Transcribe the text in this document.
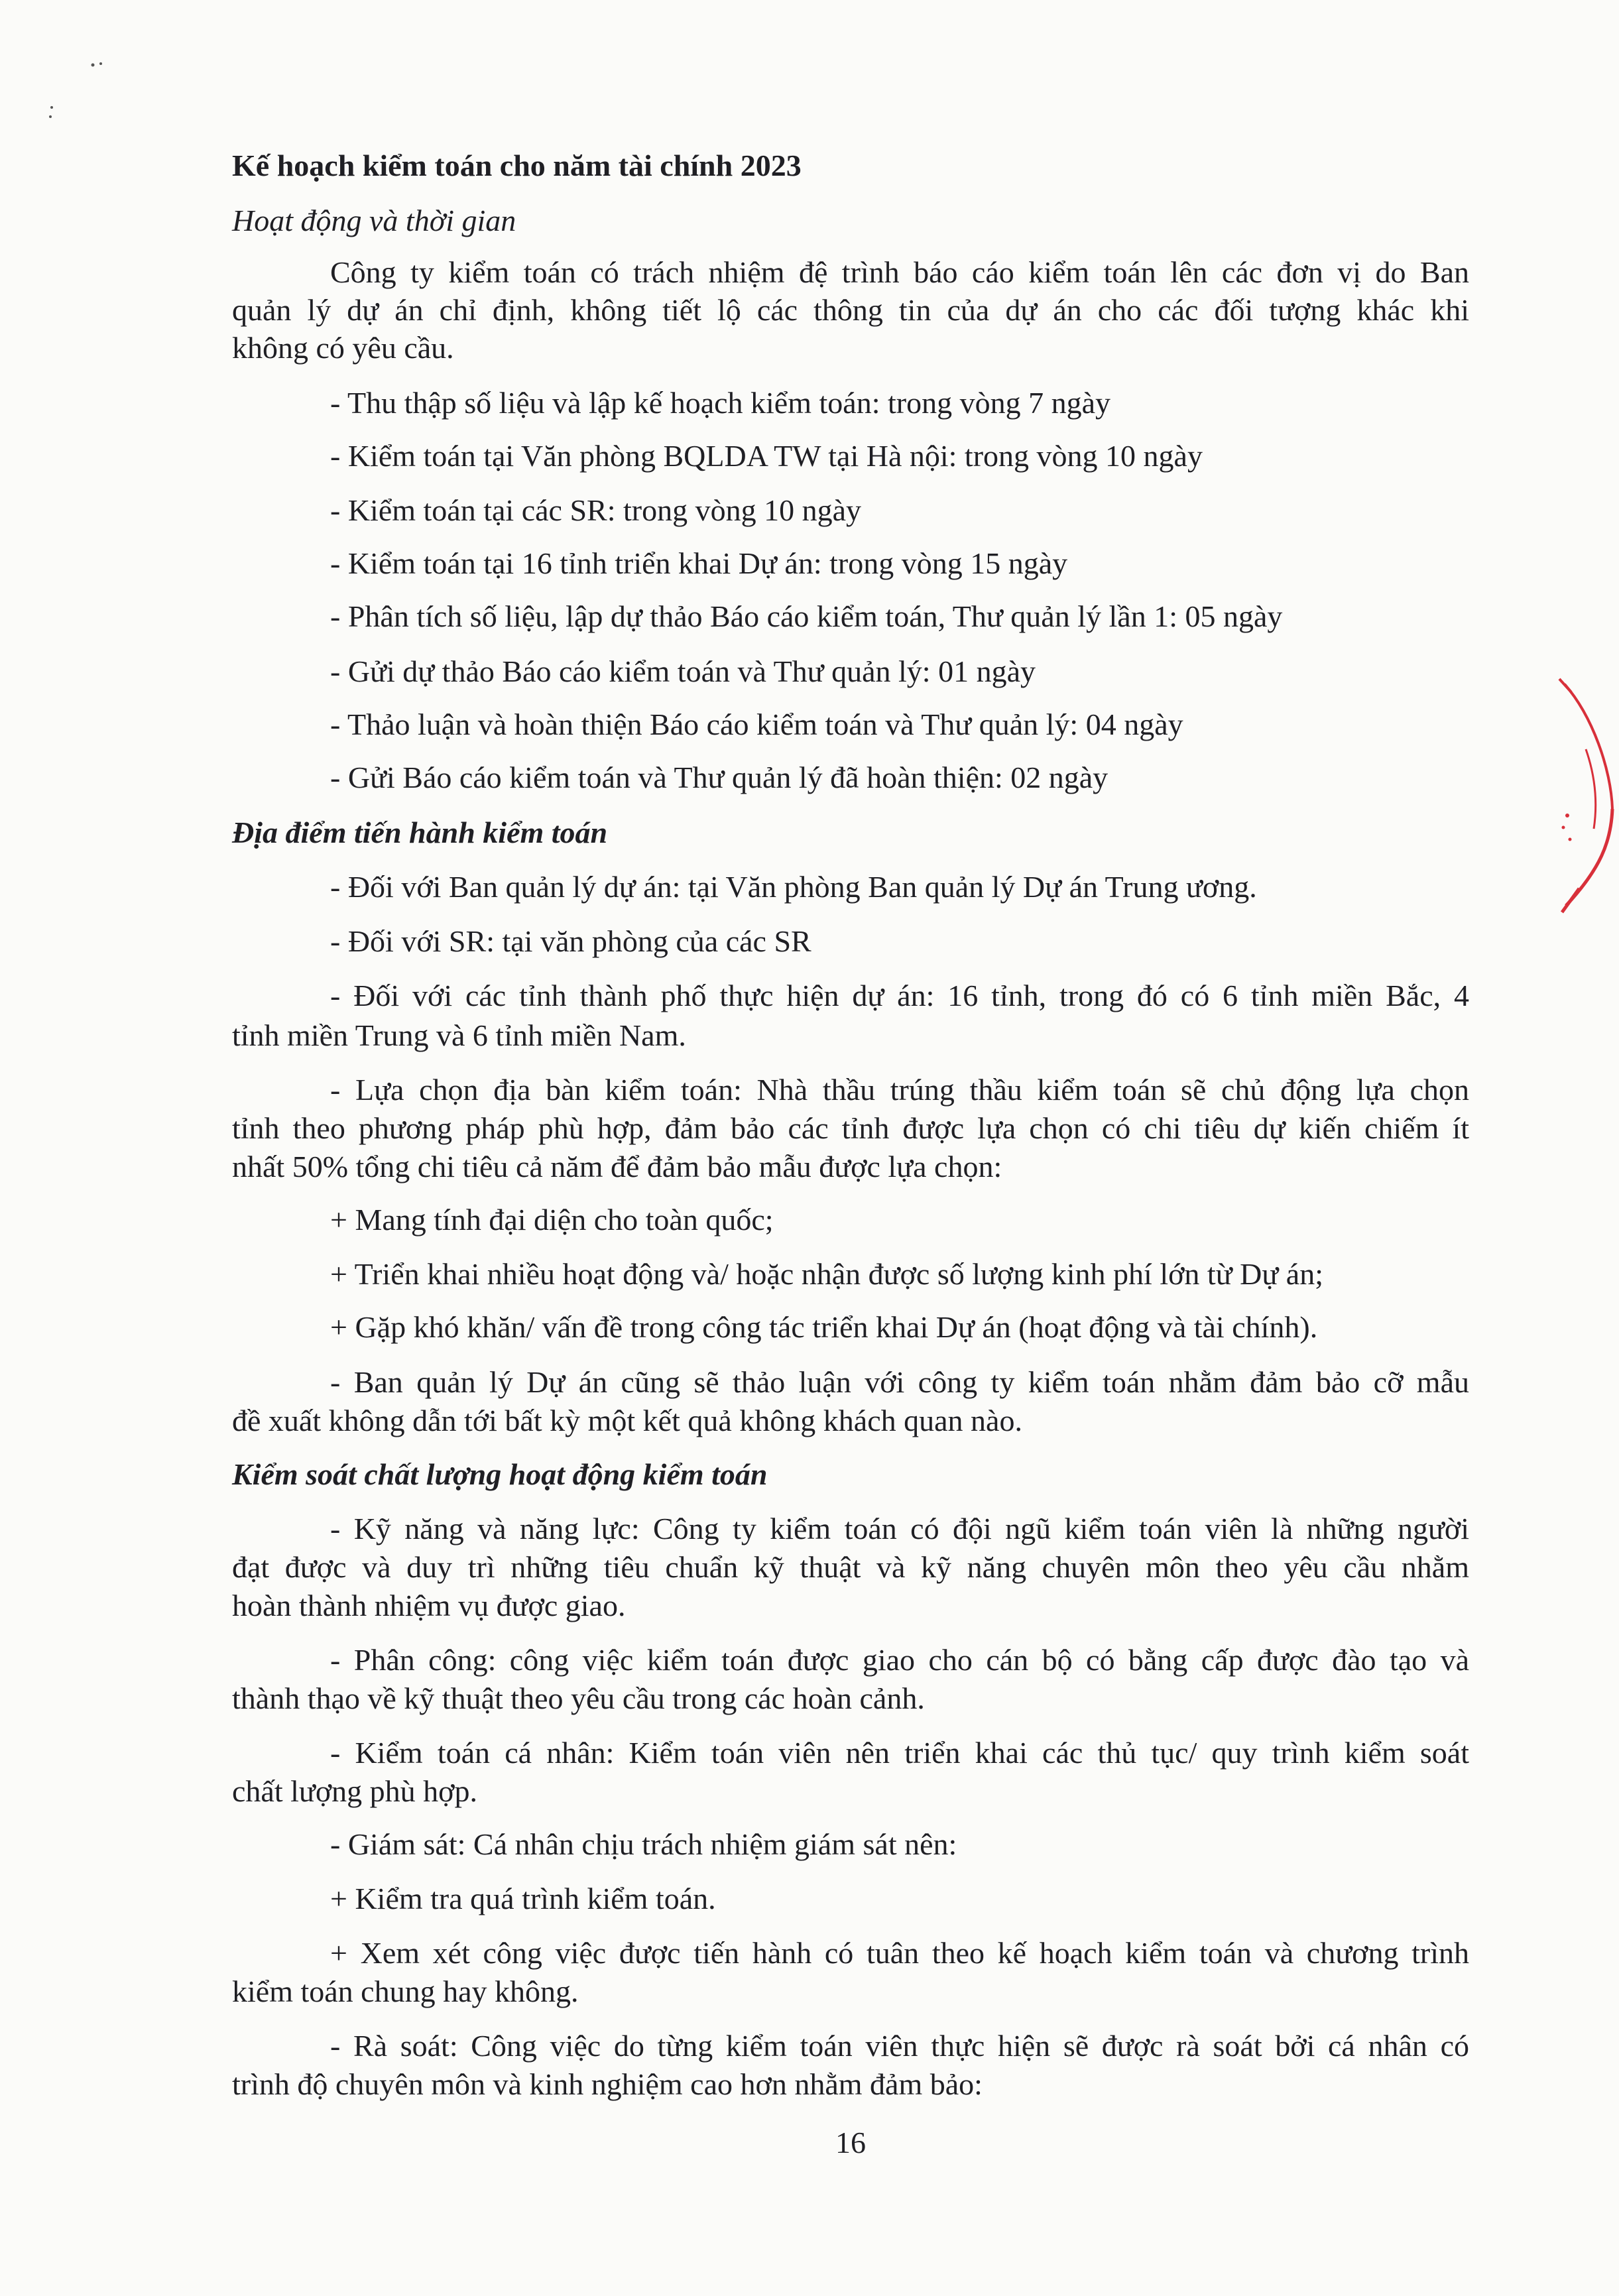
Kế hoạch kiểm toán cho năm tài chính 2023
Hoạt động và thời gian
Công ty kiểm toán có trách nhiệm đệ trình báo cáo kiểm toán lên các đơn vị do Ban
quản lý dự án chỉ định, không tiết lộ các thông tin của dự án cho các đối tượng khác khi
không có yêu cầu.
- Thu thập số liệu và lập kế hoạch kiểm toán: trong vòng 7 ngày
- Kiểm toán tại Văn phòng BQLDA TW tại Hà nội: trong vòng 10 ngày
- Kiểm toán tại các SR: trong vòng 10 ngày
- Kiểm toán tại 16 tỉnh triển khai Dự án: trong vòng 15 ngày
- Phân tích số liệu, lập dự thảo Báo cáo kiểm toán, Thư quản lý lần 1: 05 ngày
- Gửi dự thảo Báo cáo kiểm toán và Thư quản lý: 01 ngày
- Thảo luận và hoàn thiện Báo cáo kiểm toán và Thư quản lý: 04 ngày
- Gửi Báo cáo kiểm toán và Thư quản lý đã hoàn thiện: 02 ngày
Địa điểm tiến hành kiểm toán
- Đối với Ban quản lý dự án: tại Văn phòng Ban quản lý Dự án Trung ương.
- Đối với SR: tại văn phòng của các SR
- Đối với các tỉnh thành phố thực hiện dự án: 16 tỉnh, trong đó có 6 tỉnh miền Bắc, 4
tỉnh miền Trung và 6 tỉnh miền Nam.
- Lựa chọn địa bàn kiểm toán: Nhà thầu trúng thầu kiểm toán sẽ chủ động lựa chọn
tỉnh theo phương pháp phù hợp, đảm bảo các tỉnh được lựa chọn có chi tiêu dự kiến chiếm ít
nhất 50% tổng chi tiêu cả năm để đảm bảo mẫu được lựa chọn:
+ Mang tính đại diện cho toàn quốc;
+ Triển khai nhiều hoạt động và/ hoặc nhận được số lượng kinh phí lớn từ Dự án;
+ Gặp khó khăn/ vấn đề trong công tác triển khai Dự án (hoạt động và tài chính).
- Ban quản lý Dự án cũng sẽ thảo luận với công ty kiểm toán nhằm đảm bảo cỡ mẫu
đề xuất không dẫn tới bất kỳ một kết quả không khách quan nào.
Kiểm soát chất lượng hoạt động kiểm toán
- Kỹ năng và năng lực: Công ty kiểm toán có đội ngũ kiểm toán viên là những người
đạt được và duy trì những tiêu chuẩn kỹ thuật và kỹ năng chuyên môn theo yêu cầu nhằm
hoàn thành nhiệm vụ được giao.
- Phân công: công việc kiểm toán được giao cho cán bộ có bằng cấp được đào tạo và
thành thạo về kỹ thuật theo yêu cầu trong các hoàn cảnh.
- Kiểm toán cá nhân: Kiểm toán viên nên triển khai các thủ tục/ quy trình kiểm soát
chất lượng phù hợp.
- Giám sát: Cá nhân chịu trách nhiệm giám sát nên:
+ Kiểm tra quá trình kiểm toán.
+ Xem xét công việc được tiến hành có tuân theo kế hoạch kiểm toán và chương trình
kiểm toán chung hay không.
- Rà soát: Công việc do từng kiểm toán viên thực hiện sẽ được rà soát bởi cá nhân có
trình độ chuyên môn và kinh nghiệm cao hơn nhằm đảm bảo:
16
